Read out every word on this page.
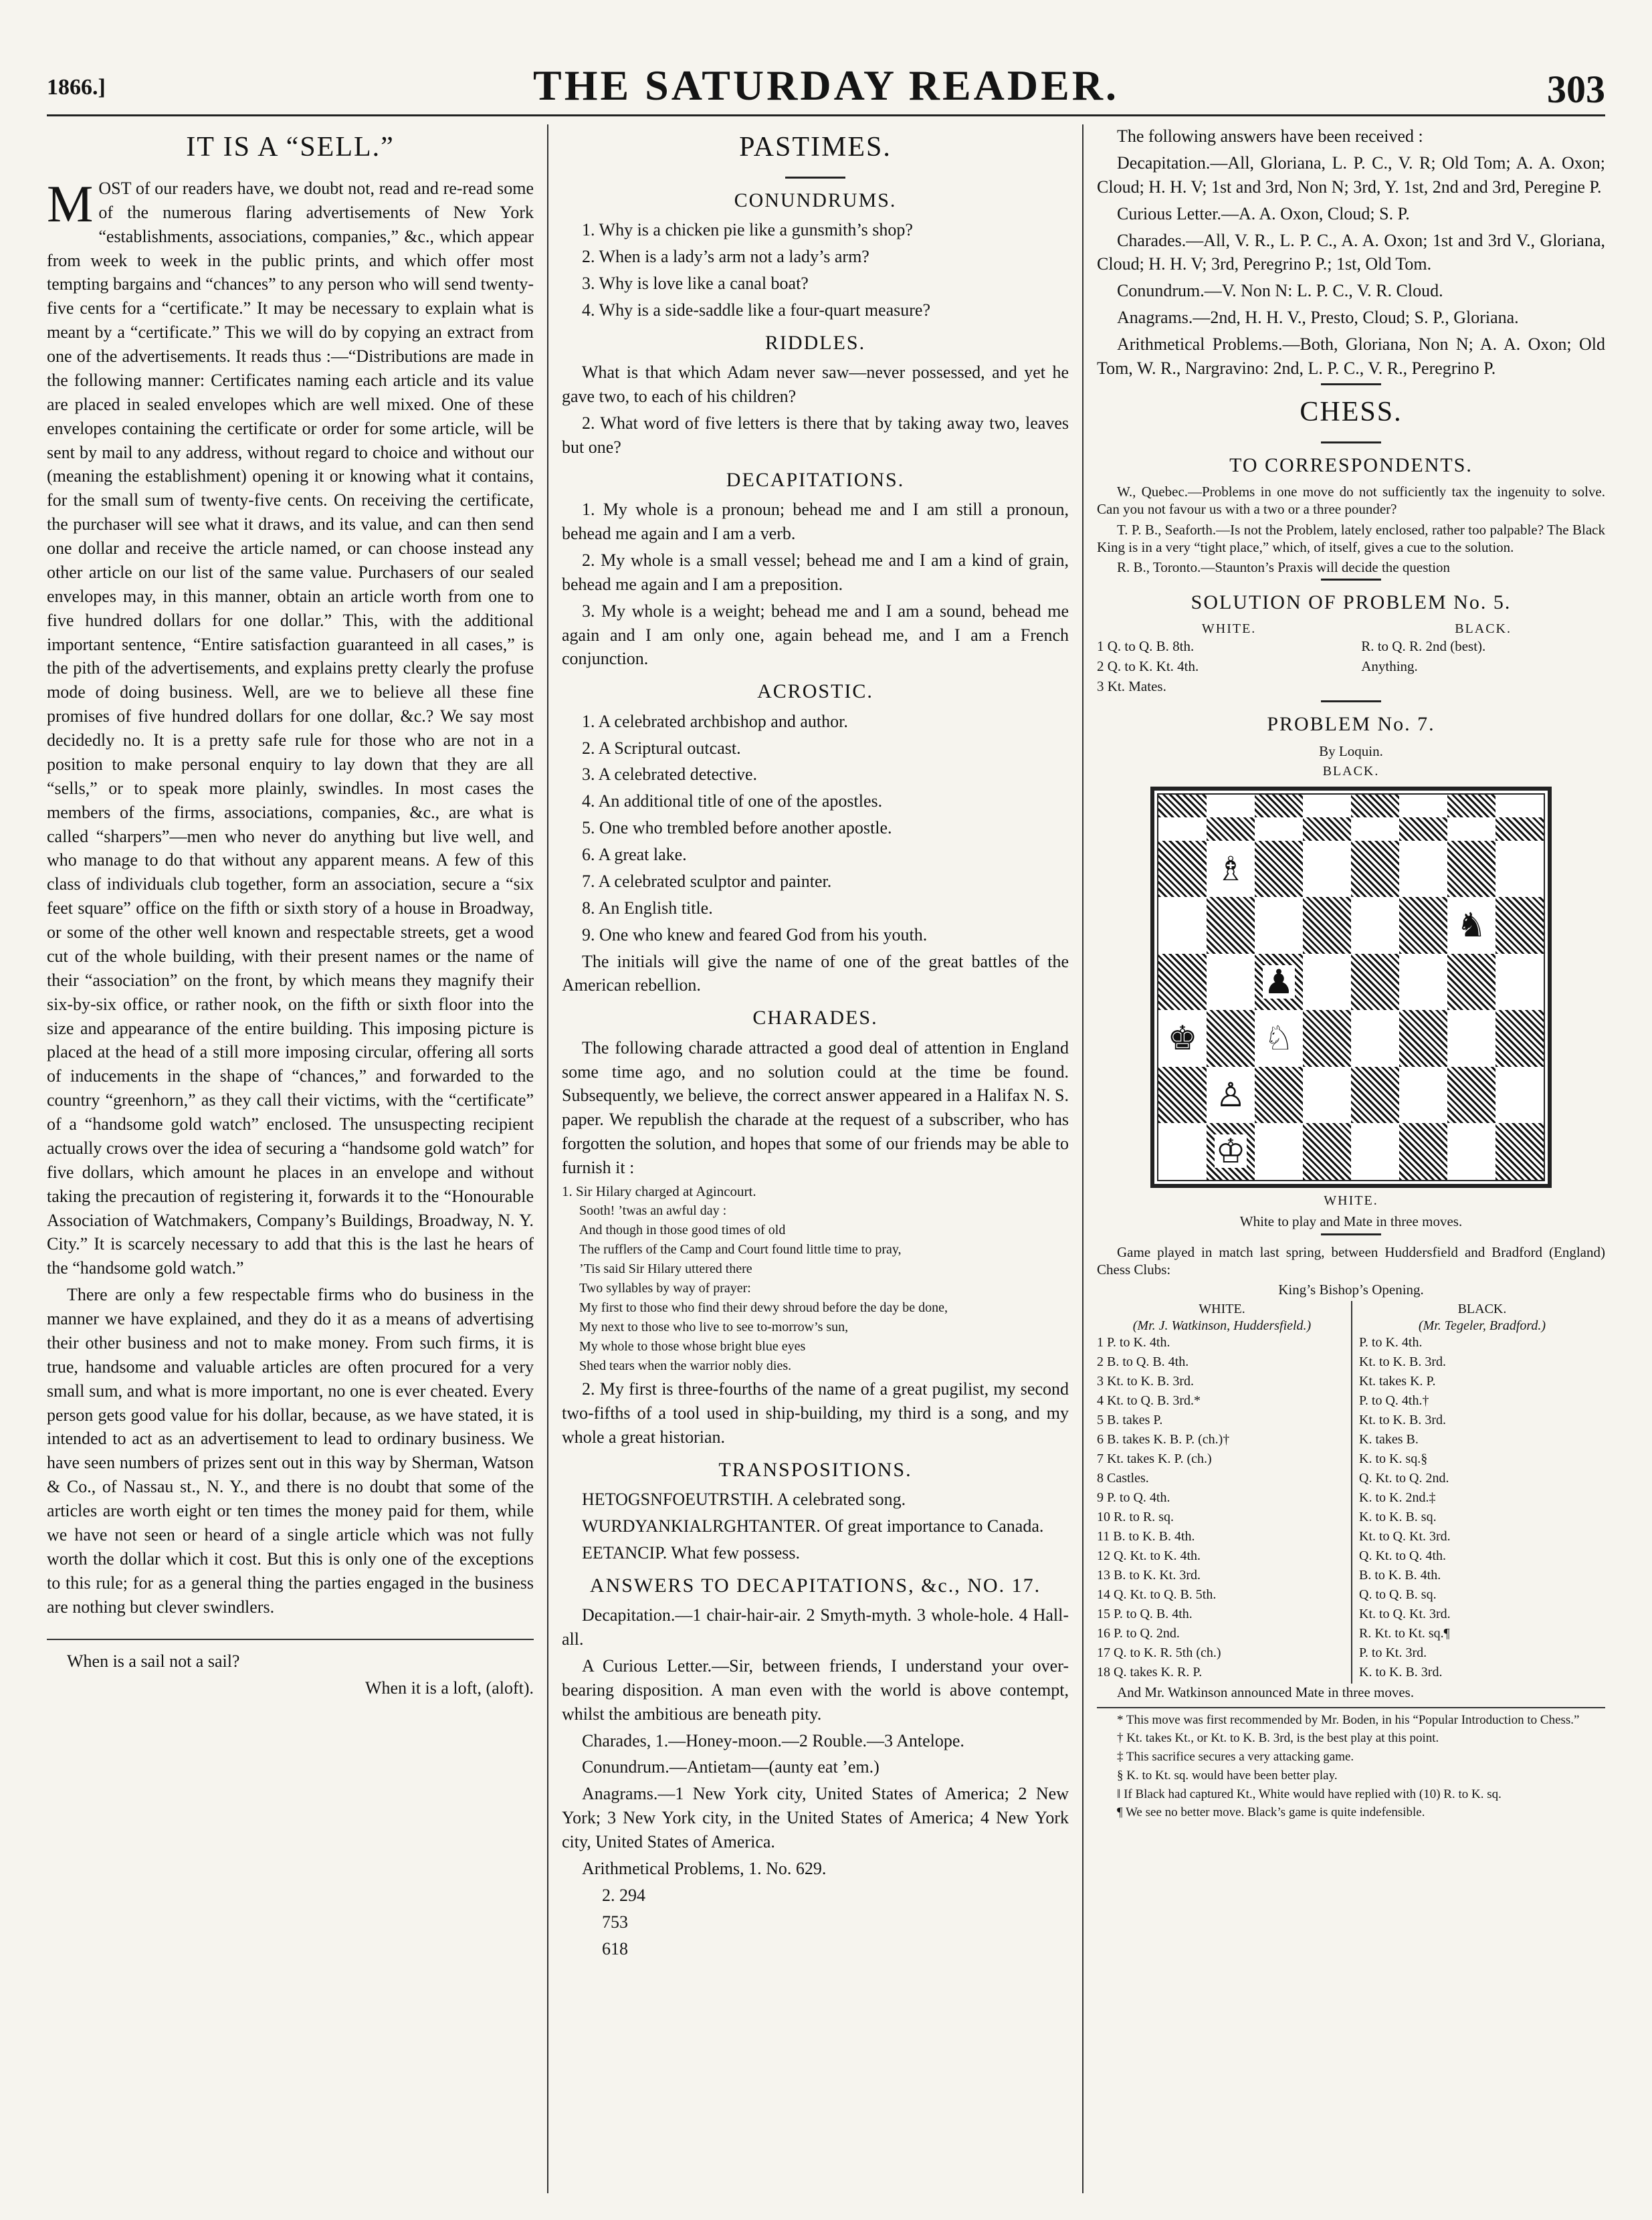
1866.]	THE SATURDAY READER.	303
IT IS A “SELL.”

MOST of our readers have, we doubt not, read and re-read some of the numerous flaring advertisements of New York “establishments, associations, companies,” &c., which appear from week to week in the public prints, and which offer most tempting bargains and “chances” to any person who will send twenty-five cents for a “certificate.” It may be necessary to explain what is meant by a “certificate.” This we will do by copying an extract from one of the advertisements. It reads thus :—“Distributions are made in the following manner: Certificates naming each article and its value are placed in sealed envelopes which are well mixed. One of these envelopes containing the certificate or order for some article, will be sent by mail to any address, without regard to choice and without our (meaning the establishment) opening it or knowing what it contains, for the small sum of twenty-five cents. On receiving the certificate, the purchaser will see what it draws, and its value, and can then send one dollar and receive the article named, or can choose instead any other article on our list of the same value. Purchasers of our sealed envelopes may, in this manner, obtain an article worth from one to five hundred dollars for one dollar.” This, with the additional important sentence, “Entire satisfaction guaranteed in all cases,” is the pith of the advertisements, and explains pretty clearly the profuse mode of doing business. Well, are we to believe all these fine promises of five hundred dollars for one dollar, &c.? We say most decidedly no. It is a pretty safe rule for those who are not in a position to make personal enquiry to lay down that they are all “sells,” or to speak more plainly, swindles. In most cases the members of the firms, associations, companies, &c., are what is called “sharpers”—men who never do anything but live well, and who manage to do that without any apparent means. A few of this class of individuals club together, form an association, secure a “six feet square” office on the fifth or sixth story of a house in Broadway, or some of the other well known and respectable streets, get a wood cut of the whole building, with their present names or the name of their “association” on the front, by which means they magnify their six-by-six office, or rather nook, on the fifth or sixth floor into the size and appearance of the entire building. This imposing picture is placed at the head of a still more imposing circular, offering all sorts of inducements in the shape of “chances,” and forwarded to the country “greenhorn,” as they call their victims, with the “certificate” of a “handsome gold watch” enclosed. The unsuspecting recipient actually crows over the idea of securing a “handsome gold watch” for five dollars, which amount he places in an envelope and without taking the precaution of registering it, forwards it to the “Honourable Association of Watchmakers, Company’s Buildings, Broadway, N. Y. City.” It is scarcely necessary to add that this is the last he hears of the “handsome gold watch.”

There are only a few respectable firms who do business in the manner we have explained, and they do it as a means of advertising their other business and not to make money. From such firms, it is true, handsome and valuable articles are often procured for a very small sum, and what is more important, no one is ever cheated. Every person gets good value for his dollar, because, as we have stated, it is intended to act as an advertisement to lead to ordinary business. We have seen numbers of prizes sent out in this way by Sherman, Watson & Co., of Nassau st., N. Y., and there is no doubt that some of the articles are worth eight or ten times the money paid for them, while we have not seen or heard of a single article which was not fully worth the dollar which it cost. But this is only one of the exceptions to this rule; for as a general thing the parties engaged in the business are nothing but clever swindlers.

When is a sail not a sail?

When it is a loft, (aloft).

PASTIMES.
CONUNDRUMS.

1. Why is a chicken pie like a gunsmith’s shop?

2. When is a lady’s arm not a lady’s arm?

3. Why is love like a canal boat?

4. Why is a side-saddle like a four-quart measure?

RIDDLES.

What is that which Adam never saw—never possessed, and yet he gave two, to each of his children?

2. What word of five letters is there that by taking away two, leaves but one?

DECAPITATIONS.

1. My whole is a pronoun; behead me and I am still a pronoun, behead me again and I am a verb.

2. My whole is a small vessel; behead me and I am a kind of grain, behead me again and I am a preposition.

3. My whole is a weight; behead me and I am a sound, behead me again and I am only one, again behead me, and I am a French conjunction.

ACROSTIC.

1. A celebrated archbishop and author.

2. A Scriptural outcast.

3. A celebrated detective.

4. An additional title of one of the apostles.

5. One who trembled before another apostle.

6. A great lake.

7. A celebrated sculptor and painter.

8. An English title.

9. One who knew and feared God from his youth.

The initials will give the name of one of the great battles of the American rebellion.

CHARADES.

The following charade attracted a good deal of attention in England some time ago, and no solution could at the time be found. Subsequently, we believe, the correct answer appeared in a Halifax N. S. paper. We republish the charade at the request of a subscriber, who has forgotten the solution, and hopes that some of our friends may be able to furnish it :

1. Sir Hilary charged at Agincourt.

Sooth! ’twas an awful day :

And though in those good times of old

The rufflers of the Camp and Court found little time to pray,

’Tis said Sir Hilary uttered there

Two syllables by way of prayer:

My first to those who find their dewy shroud before the day be done,

My next to those who live to see to-morrow’s sun,

My whole to those whose bright blue eyes

Shed tears when the warrior nobly dies.

2. My first is three-fourths of the name of a great pugilist, my second two-fifths of a tool used in ship-building, my third is a song, and my whole a great historian.

TRANSPOSITIONS.

HETOGSNFOEUTRSTIH. A celebrated song.

WURDYANKIALRGHTANTER. Of great importance to Canada.

EETANCIP. What few possess.

ANSWERS TO DECAPITATIONS, &c., NO. 17.

Decapitation.—1 chair-hair-air. 2 Smyth-myth. 3 whole-hole. 4 Hall-all.

A Curious Letter.—Sir, between friends, I understand your over-bearing disposition. A man even with the world is above contempt, whilst the ambitious are beneath pity.

Charades, 1.—Honey-moon.—2 Rouble.—3 Antelope.

Conundrum.—Antietam—(aunty eat ’em.)

Anagrams.—1 New York city, United States of America; 2 New York; 3 New York city, in the United States of America; 4 New York city, United States of America.

Arithmetical Problems, 1. No. 629.

2. 294

753

618

The following answers have been received :

Decapitation.—All, Gloriana, L. P. C., V. R; Old Tom; A. A. Oxon; Cloud; H. H. V; 1st and 3rd, Non N; 3rd, Y. 1st, 2nd and 3rd, Peregine P.

Curious Letter.—A. A. Oxon, Cloud; S. P.

Charades.—All, V. R., L. P. C., A. A. Oxon; 1st and 3rd V., Gloriana, Cloud; H. H. V; 3rd, Peregrino P.; 1st, Old Tom.

Conundrum.—V. Non N: L. P. C., V. R. Cloud.

Anagrams.—2nd, H. H. V., Presto, Cloud; S. P., Gloriana.

Arithmetical Problems.—Both, Gloriana, Non N; A. A. Oxon; Old Tom, W. R., Nargravino: 2nd, L. P. C., V. R., Peregrino P.

CHESS.
TO CORRESPONDENTS.

W., Quebec.—Problems in one move do not sufficiently tax the ingenuity to solve. Can you not favour us with a two or a three pounder?

T. P. B., Seaforth.—Is not the Problem, lately enclosed, rather too palpable? The Black King is in a very “tight place,” which, of itself, gives a cue to the solution.

R. B., Toronto.—Staunton’s Praxis will decide the question

SOLUTION OF PROBLEM No. 5.
WHITE.

1 Q. to Q. B. 8th.

2 Q. to K. Kt. 4th.

3 Kt. Mates.

BLACK.

R. to Q. R. 2nd (best).

Anything.

PROBLEM No. 7.

By Loquin.

BLACK.

♗
♞
♟
♚ ♘
♙
♔

WHITE.

White to play and Mate in three moves.

Game played in match last spring, between Huddersfield and Bradford (England) Chess Clubs:

King’s Bishop’s Opening.

WHITE.
(Mr. J. Watkinson, Huddersfield.)

1 P. to K. 4th.

2 B. to Q. B. 4th.

3 Kt. to K. B. 3rd.

4 Kt. to Q. B. 3rd.*

5 B. takes P.

6 B. takes K. B. P. (ch.)†

7 Kt. takes K. P. (ch.)

8 Castles.

9 P. to Q. 4th.

10 R. to R. sq.

11 B. to K. B. 4th.

12 Q. Kt. to K. 4th.

13 B. to K. Kt. 3rd.

14 Q. Kt. to Q. B. 5th.

15 P. to Q. B. 4th.

16 P. to Q. 2nd.

17 Q. to K. R. 5th (ch.)

18 Q. takes K. R. P.

BLACK.
(Mr. Tegeler, Bradford.)

P. to K. 4th.

Kt. to K. B. 3rd.

Kt. takes K. P.

P. to Q. 4th.†

Kt. to K. B. 3rd.

K. takes B.

K. to K. sq.§

Q. Kt. to Q. 2nd.

K. to K. 2nd.‡

K. to K. B. sq.

Kt. to Q. Kt. 3rd.

Q. Kt. to Q. 4th.

B. to K. B. 4th.

Q. to Q. B. sq.

Kt. to Q. Kt. 3rd.

R. Kt. to Kt. sq.¶

P. to Kt. 3rd.

K. to K. B. 3rd.

And Mr. Watkinson announced Mate in three moves.

* This move was first recommended by Mr. Boden, in his “Popular Introduction to Chess.”

† Kt. takes Kt., or Kt. to K. B. 3rd, is the best play at this point.

‡ This sacrifice secures a very attacking game.

§ K. to Kt. sq. would have been better play.

‖ If Black had captured Kt., White would have replied with (10) R. to K. sq.

¶ We see no better move. Black’s game is quite indefensible.
